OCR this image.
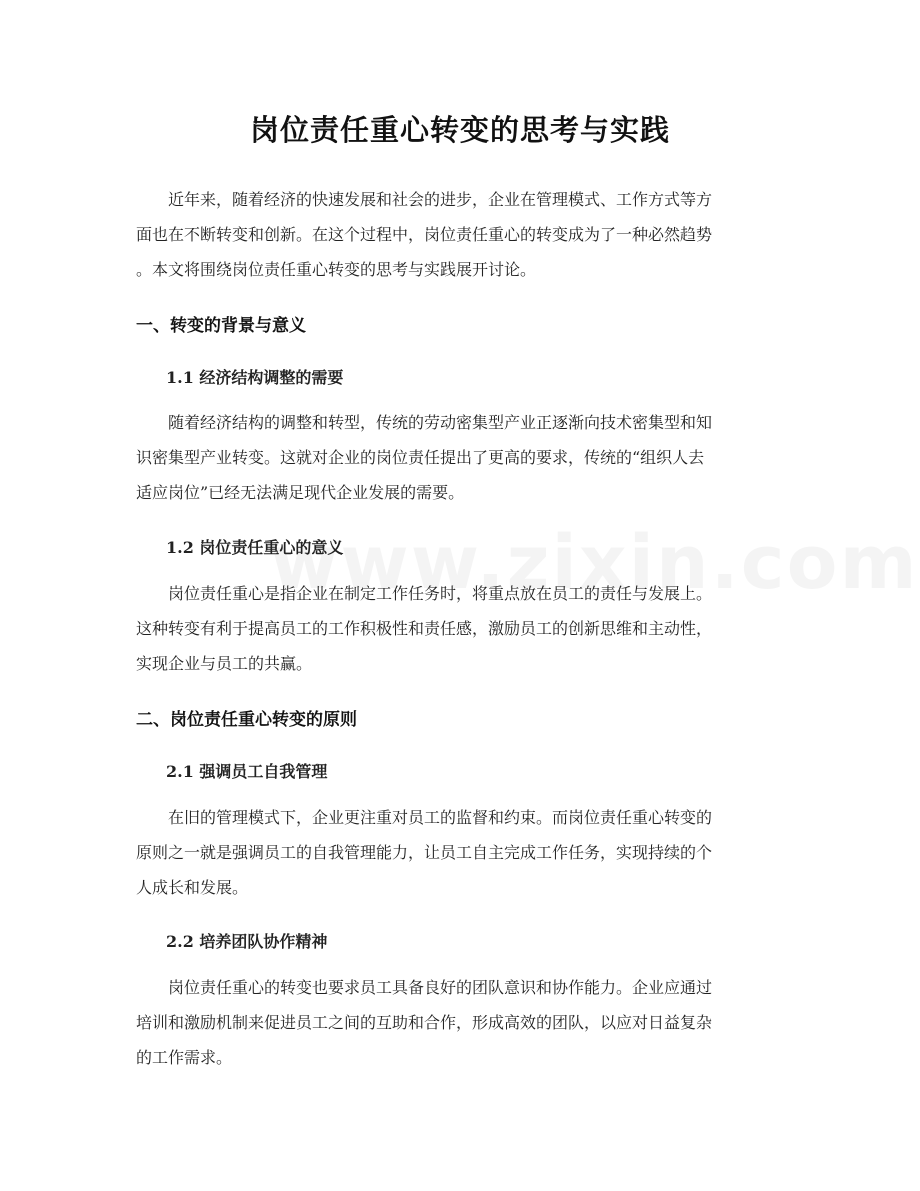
岗位责任重心转变的思考与实践
近年来，随着经济的快速发展和社会的进步，企业在管理模式、工作方式等方
面也在不断转变和创新。在这个过程中，岗位责任重心的转变成为了一种必然趋势
。本文将围绕岗位责任重心转变的思考与实践展开讨论。
一、转变的背景与意义
1.1 经济结构调整的需要
随着经济结构的调整和转型，传统的劳动密集型产业正逐渐向技术密集型和知
识密集型产业转变。这就对企业的岗位责任提出了更高的要求，传统的“组织人去
适应岗位”已经无法满足现代企业发展的需要。
1.2 岗位责任重心的意义
岗位责任重心是指企业在制定工作任务时，将重点放在员工的责任与发展上。
这种转变有利于提高员工的工作积极性和责任感，激励员工的创新思维和主动性，
实现企业与员工的共赢。
二、岗位责任重心转变的原则
2.1 强调员工自我管理
在旧的管理模式下，企业更注重对员工的监督和约束。而岗位责任重心转变的
原则之一就是强调员工的自我管理能力，让员工自主完成工作任务，实现持续的个
人成长和发展。
2.2 培养团队协作精神
岗位责任重心的转变也要求员工具备良好的团队意识和协作能力。企业应通过
培训和激励机制来促进员工之间的互助和合作，形成高效的团队，以应对日益复杂
的工作需求。
